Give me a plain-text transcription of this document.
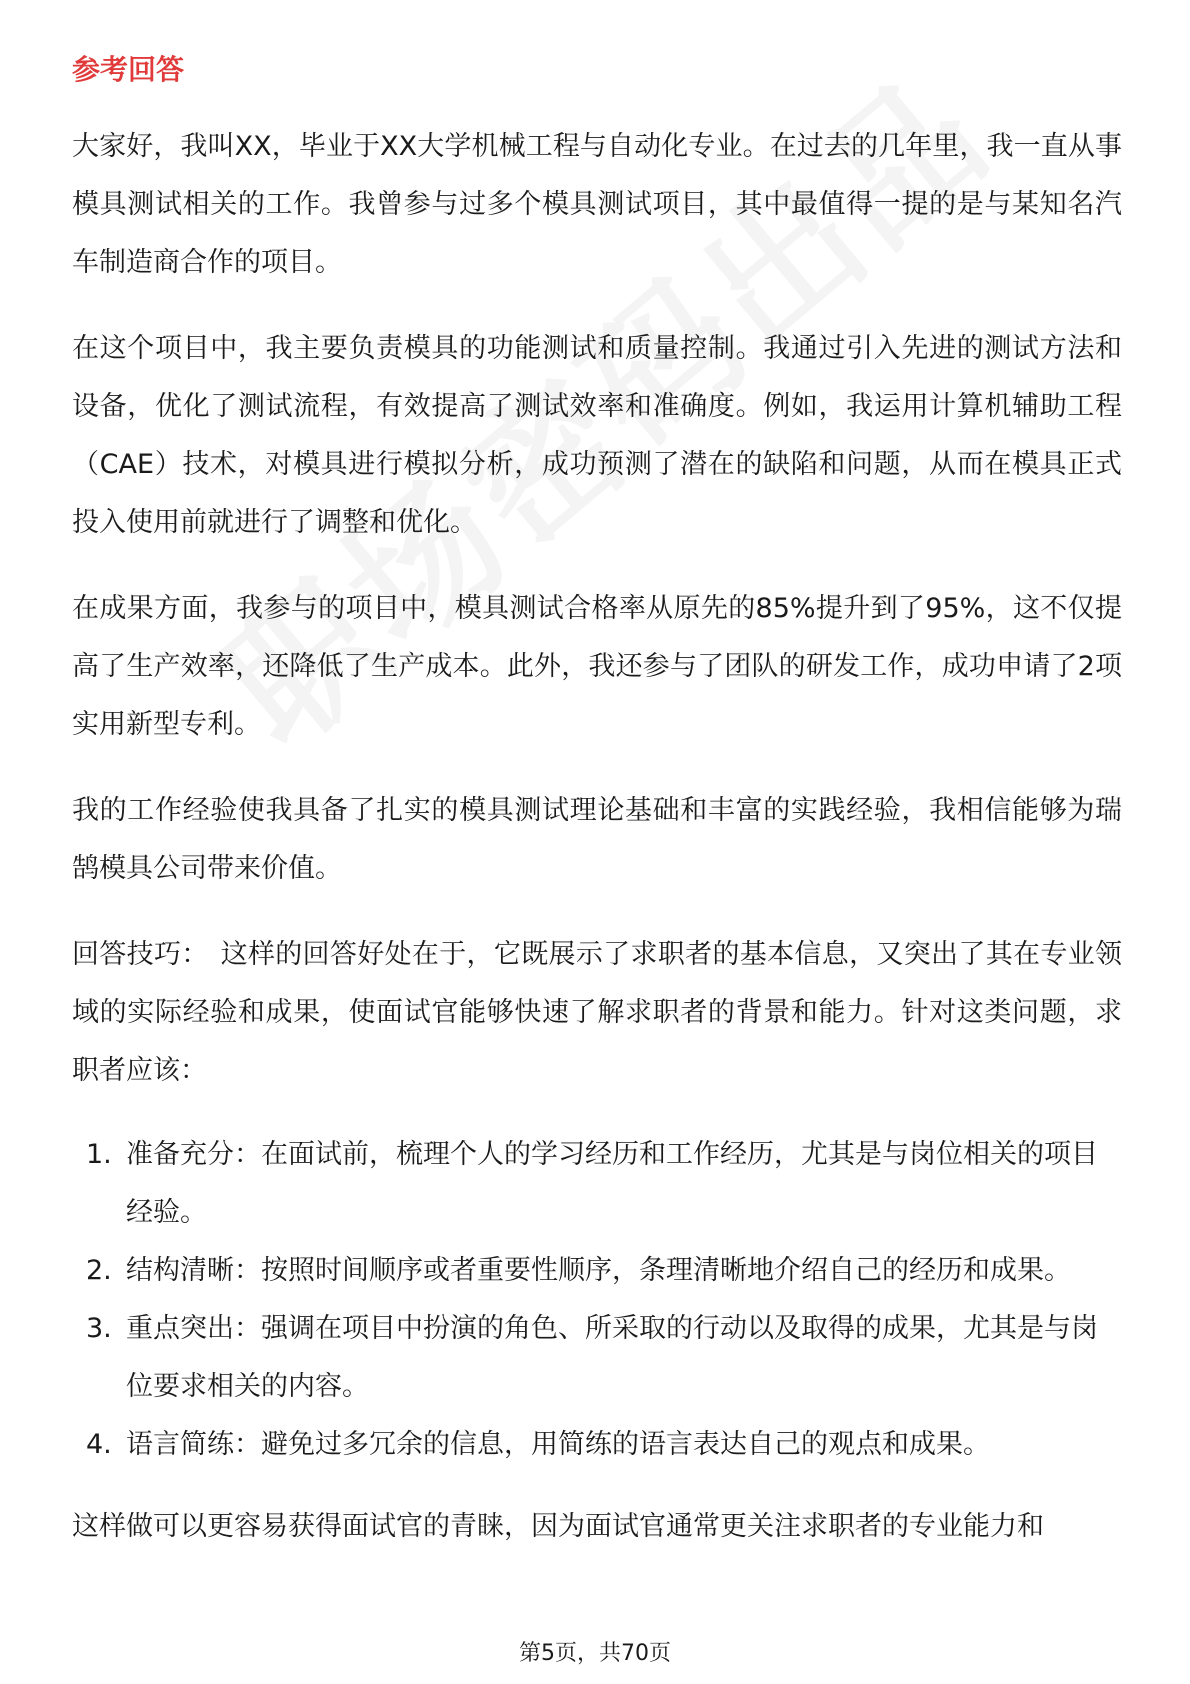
参考回答

大家好，我叫XX，毕业于XX大学机械工程与自动化专业。在过去的几年里，我一直从事模具测试相关的工作。我曾参与过多个模具测试项目，其中最值得一提的是与某知名汽车制造商合作的项目。

在这个项目中，我主要负责模具的功能测试和质量控制。我通过引入先进的测试方法和设备，优化了测试流程，有效提高了测试效率和准确度。例如，我运用计算机辅助工程（CAE）技术，对模具进行模拟分析，成功预测了潜在的缺陷和问题，从而在模具正式投入使用前就进行了调整和优化。

在成果方面，我参与的项目中，模具测试合格率从原先的85%提升到了95%，这不仅提高了生产效率，还降低了生产成本。此外，我还参与了团队的研发工作，成功申请了2项实用新型专利。

我的工作经验使我具备了扎实的模具测试理论基础和丰富的实践经验，我相信能够为瑞鹄模具公司带来价值。

回答技巧： 这样的回答好处在于，它既展示了求职者的基本信息，又突出了其在专业领域的实际经验和成果，使面试官能够快速了解求职者的背景和能力。针对这类问题，求职者应该：

1. 准备充分：在面试前，梳理个人的学习经历和工作经历，尤其是与岗位相关的项目经验。
2. 结构清晰：按照时间顺序或者重要性顺序，条理清晰地介绍自己的经历和成果。
3. 重点突出：强调在项目中扮演的角色、所采取的行动以及取得的成果，尤其是与岗位要求相关的内容。
4. 语言简练：避免过多冗余的信息，用简练的语言表达自己的观点和成果。

这样做可以更容易获得面试官的青睐，因为面试官通常更关注求职者的专业能力和

第5页，共70页
